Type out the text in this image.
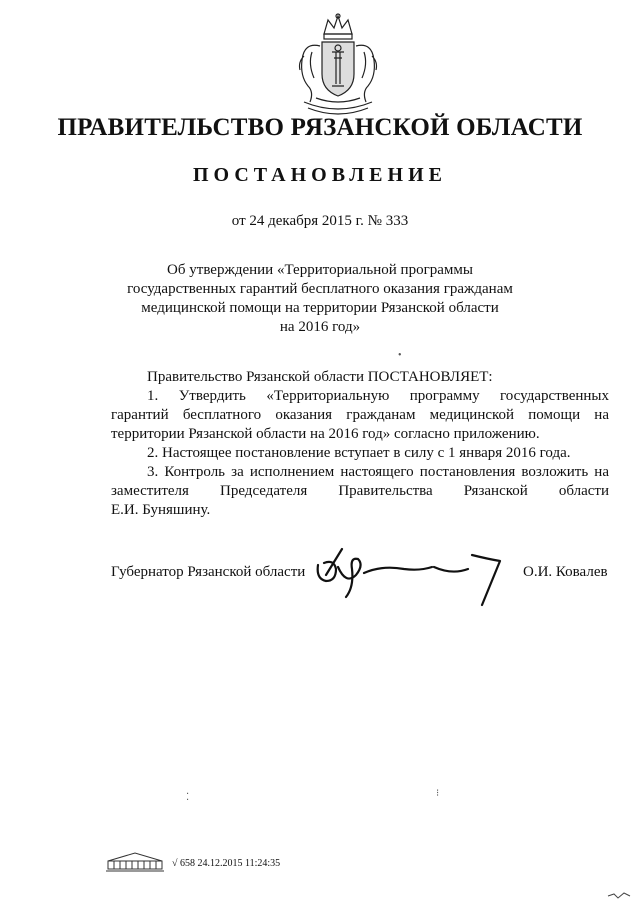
ПРАВИТЕЛЬСТВО РЯЗАНСКОЙ ОБЛАСТИ
ПОСТАНОВЛЕНИЕ
от 24 декабря 2015 г. № 333
Об утверждении «Территориальной программы
государственных гарантий бесплатного оказания гражданам
медицинской помощи на территории Рязанской области
на 2016 год»

Правительство Рязанской области ПОСТАНОВЛЯЕТ:

1. Утвердить «Территориальную программу государственных

гарантий бесплатного оказания гражданам медицинской помощи на

территории Рязанской области на 2016 год» согласно приложению.

2. Настоящее постановление вступает в силу с 1 января 2016 года.

3. Контроль за исполнением настоящего постановления возложить на

заместителя Председателя Правительства Рязанской области

Е.И. Буняшину.

Губернатор Рязанской области	О.И. Ковалев
•
⁚	⁝
√ 658 24.12.2015 11:24:35
